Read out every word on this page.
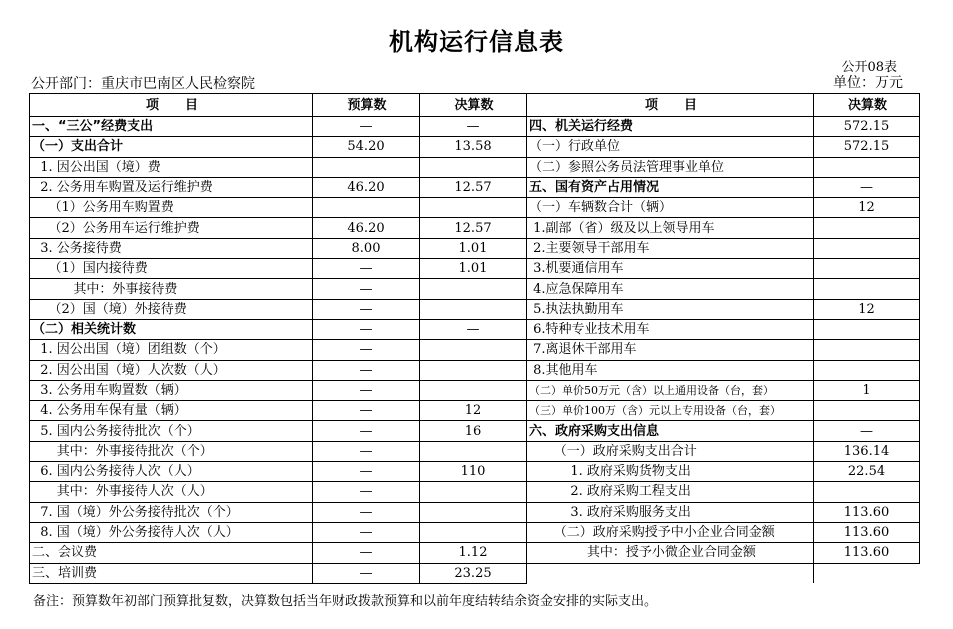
机构运行信息表
公开08表
公开部门：重庆市巴南区人民检察院	单位：万元
项　　目	预算数	决算数	项　　目	决算数
一、“三公”经费支出	—	—	四、机关运行经费	572.15
（一）支出合计	54.20	13.58	（一）行政单位	572.15
1. 因公出国（境）费			（二）参照公务员法管理事业单位	
2. 公务用车购置及运行维护费	46.20	12.57	五、国有资产占用情况	—
（1）公务用车购置费			（一）车辆数合计（辆）	12
（2）公务用车运行维护费	46.20	12.57	1.副部（省）级及以上领导用车	
3. 公务接待费	8.00	1.01	2.主要领导干部用车	
（1）国内接待费	—	1.01	3.机要通信用车	
其中：外事接待费	—		4.应急保障用车	
（2）国（境）外接待费	—		5.执法执勤用车	12
（二）相关统计数	—	—	6.特种专业技术用车	
1. 因公出国（境）团组数（个）	—		7.离退休干部用车	
2. 因公出国（境）人次数（人）	—		8.其他用车	
3. 公务用车购置数（辆）	—		（二）单价50万元（含）以上通用设备（台，套）	1
4. 公务用车保有量（辆）	—	12	（三）单价100万（含）元以上专用设备（台，套）	
5. 国内公务接待批次（个）	—	16	六、政府采购支出信息	—
其中：外事接待批次（个）	—		（一）政府采购支出合计	136.14
6. 国内公务接待人次（人）	—	110	1. 政府采购货物支出	22.54
其中：外事接待人次（人）	—		2. 政府采购工程支出	
7. 国（境）外公务接待批次（个）	—		3. 政府采购服务支出	113.60
8. 国（境）外公务接待人次（人）	—		（二）政府采购授予中小企业合同金额	113.60
二、会议费	—	1.12	其中：授予小微企业合同金额	113.60
三、培训费	—	23.25		
备注：预算数年初部门预算批复数，决算数包括当年财政拨款预算和以前年度结转结余资金安排的实际支出。
